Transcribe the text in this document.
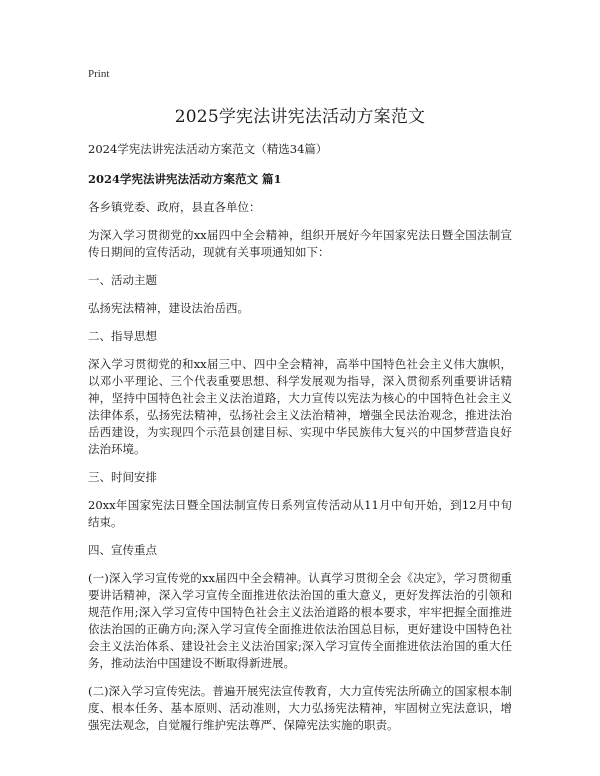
Print
2025学宪法讲宪法活动方案范文
2024学宪法讲宪法活动方案范文（精选34篇）
2024学宪法讲宪法活动方案范文 篇1

各乡镇党委、政府，县直各单位：

为深入学习贯彻党的xx届四中全会精神，组织开展好今年国家宪法日暨全国法制宣传日期间的宣传活动，现就有关事项通知如下：

一、活动主题

弘扬宪法精神，建设法治岳西。

二、指导思想

深入学习贯彻党的和xx届三中、四中全会精神，高举中国特色社会主义伟大旗帜，以邓小平理论、三个代表重要思想、科学发展观为指导，深入贯彻系列重要讲话精神，坚持中国特色社会主义法治道路，大力宣传以宪法为核心的中国特色社会主义法律体系，弘扬宪法精神，弘扬社会主义法治精神，增强全民法治观念，推进法治岳西建设，为实现四个示范县创建目标、实现中华民族伟大复兴的中国梦营造良好法治环境。

三、时间安排

20xx年国家宪法日暨全国法制宣传日系列宣传活动从11月中旬开始，到12月中旬结束。

四、宣传重点

(一)深入学习宣传党的xx届四中全会精神。认真学习贯彻全会《决定》，学习贯彻重要讲话精神，深入学习宣传全面推进依法治国的重大意义，更好发挥法治的引领和规范作用;深入学习宣传中国特色社会主义法治道路的根本要求，牢牢把握全面推进依法治国的正确方向;深入学习宣传全面推进依法治国总目标，更好建设中国特色社会主义法治体系、建设社会主义法治国家;深入学习宣传全面推进依法治国的重大任务，推动法治中国建设不断取得新进展。

(二)深入学习宣传宪法。普遍开展宪法宣传教育，大力宣传宪法所确立的国家根本制度、根本任务、基本原则、活动准则，大力弘扬宪法精神，牢固树立宪法意识，增强宪法观念，自觉履行维护宪法尊严、保障宪法实施的职责。
